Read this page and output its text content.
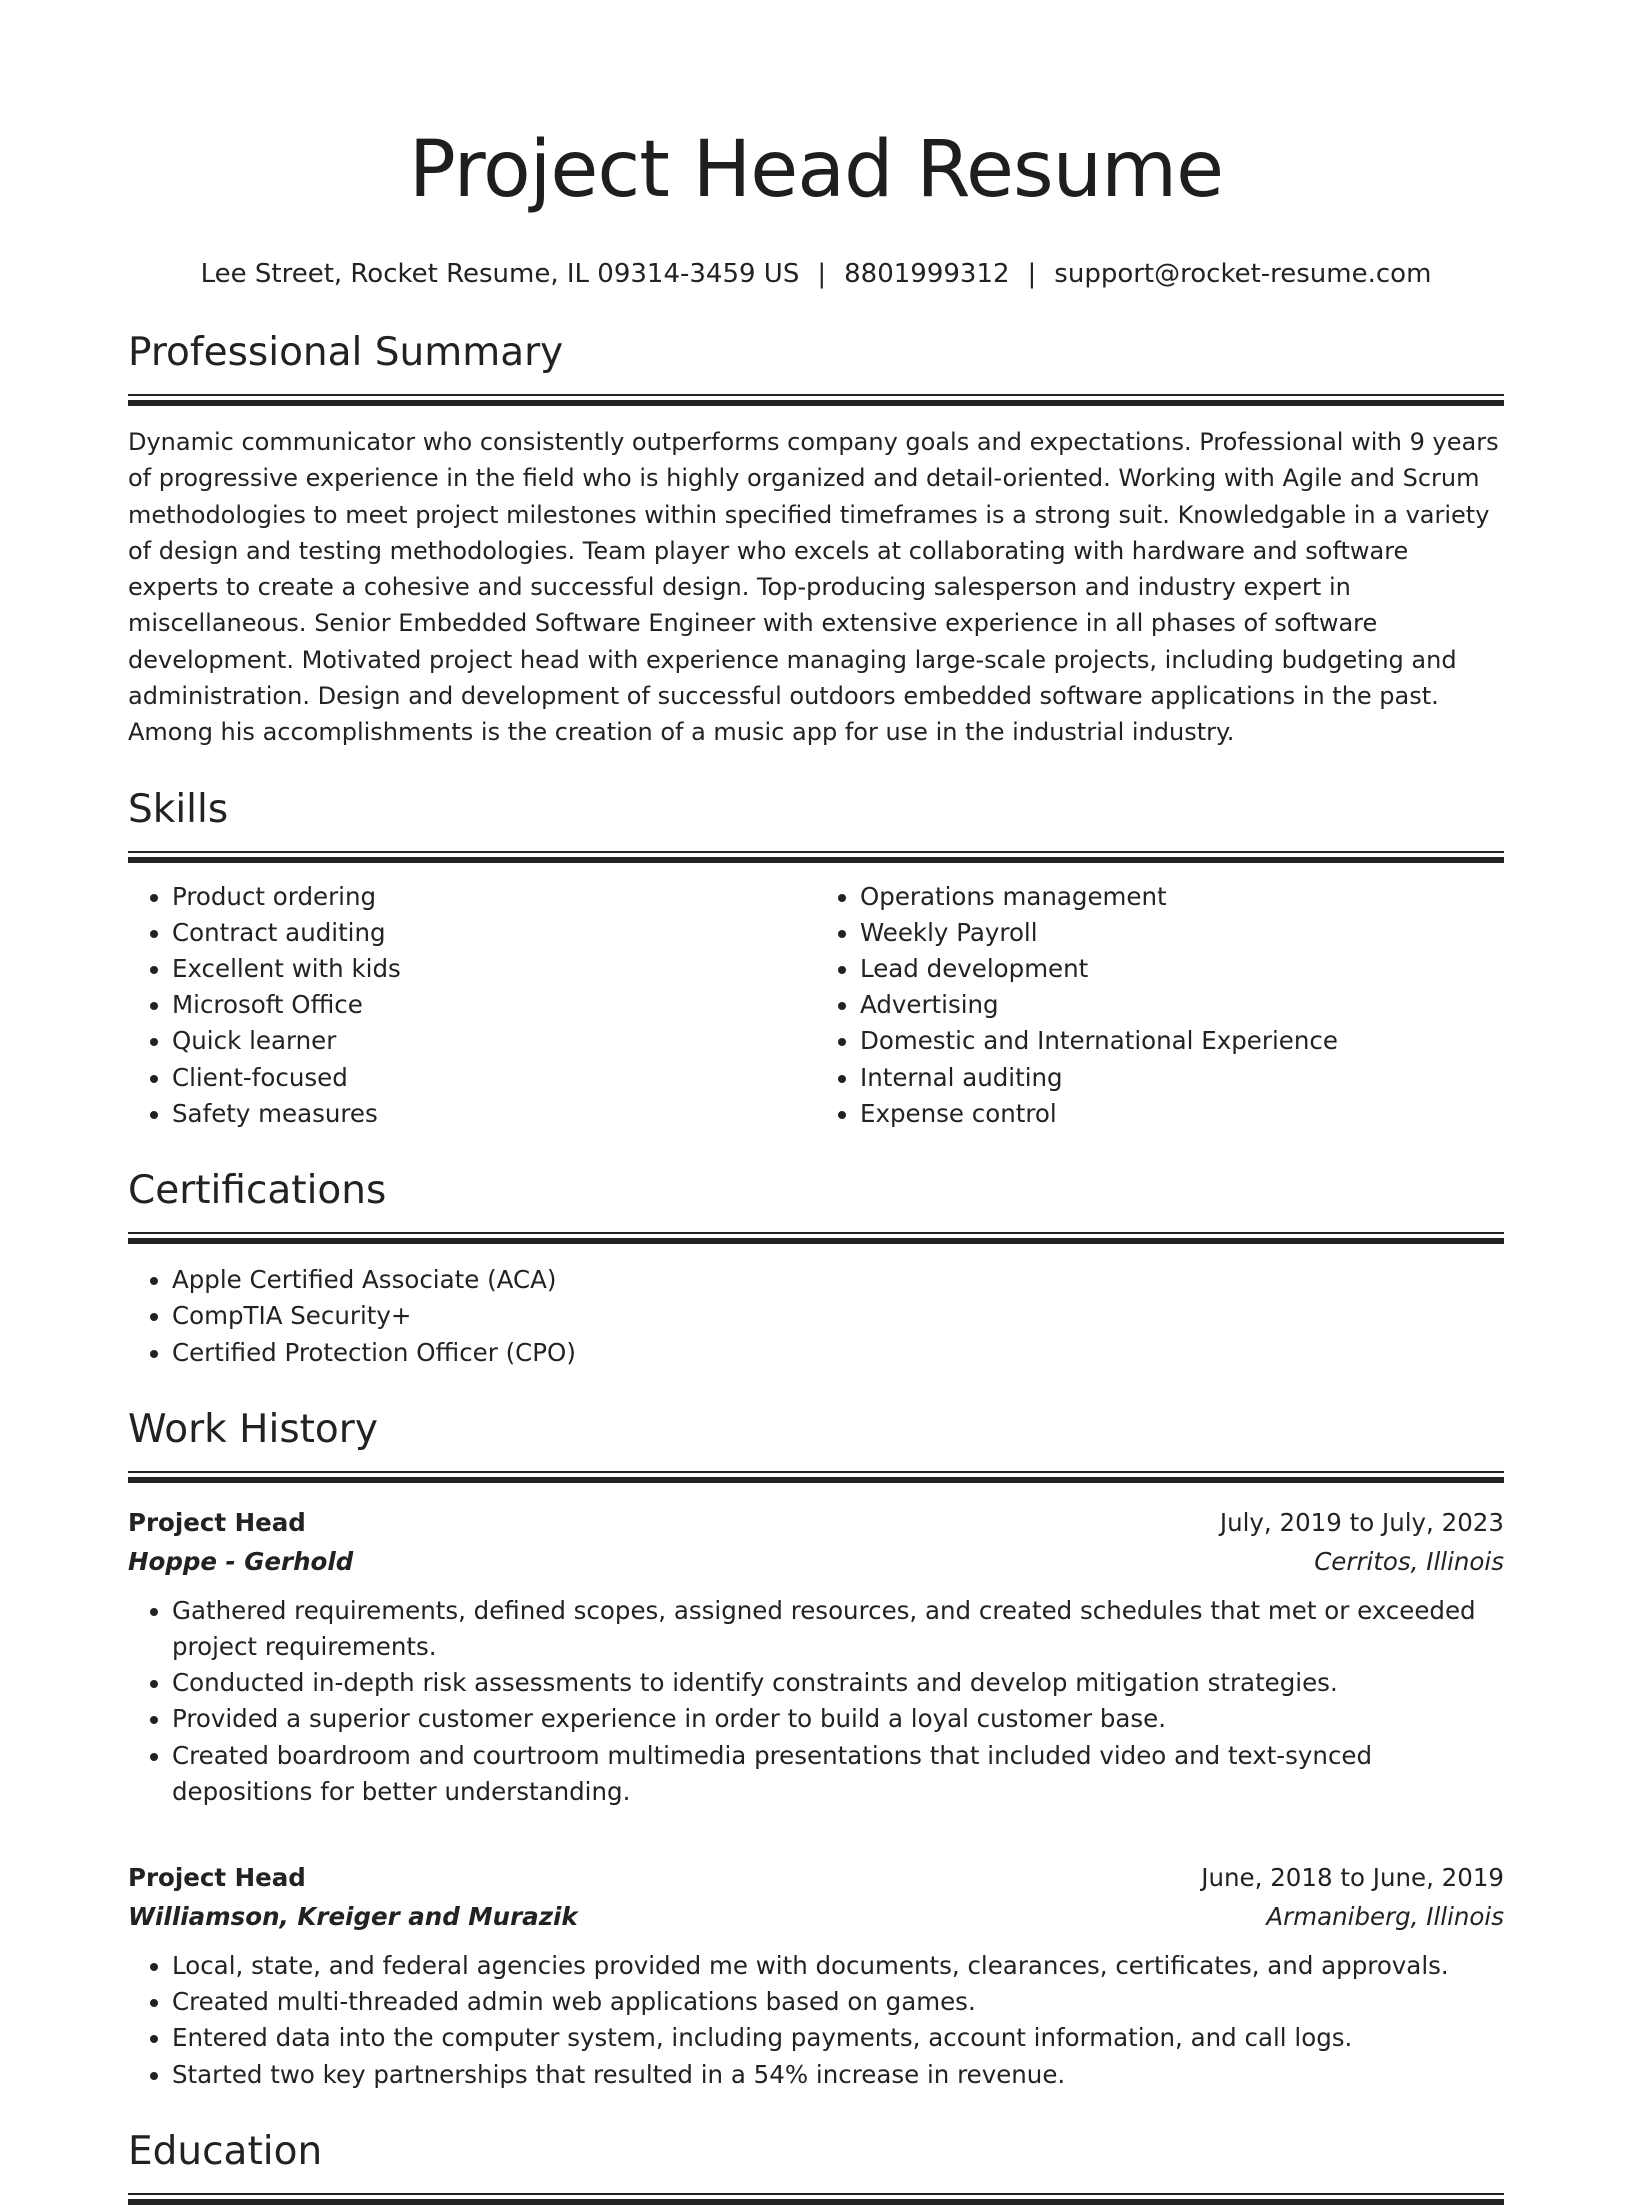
Project Head Resume
Lee Street, Rocket Resume, IL 09314-3459 US | 8801999312 | support@rocket-resume.com
Professional Summary

Dynamic communicator who consistently outperforms company goals and expectations. Professional with 9 years of progressive experience in the field who is highly organized and detail-oriented. Working with Agile and Scrum methodologies to meet project milestones within specified timeframes is a strong suit. Knowledgable in a variety of design and testing methodologies. Team player who excels at collaborating with hardware and software experts to create a cohesive and successful design. Top-producing salesperson and industry expert in miscellaneous. Senior Embedded Software Engineer with extensive experience in all phases of software development. Motivated project head with experience managing large-scale projects, including budgeting and administration. Design and development of successful outdoors embedded software applications in the past. Among his accomplishments is the creation of a music app for use in the industrial industry.

Skills
• Product ordering
• Contract auditing
• Excellent with kids
• Microsoft Office
• Quick learner
• Client-focused
• Safety measures
• Operations management
• Weekly Payroll
• Lead development
• Advertising
• Domestic and International Experience
• Internal auditing
• Expense control
Certifications
• Apple Certified Associate (ACA)
• CompTIA Security+
• Certified Protection Officer (CPO)
Work History
Project Head	July, 2019 to July, 2023
Hoppe - Gerhold	Cerritos, Illinois
• Gathered requirements, defined scopes, assigned resources, and created schedules that met or exceeded project requirements.
• Conducted in-depth risk assessments to identify constraints and develop mitigation strategies.
• Provided a superior customer experience in order to build a loyal customer base.
• Created boardroom and courtroom multimedia presentations that included video and text-synced depositions for better understanding.
Project Head	June, 2018 to June, 2019
Williamson, Kreiger and Murazik	Armaniberg, Illinois
• Local, state, and federal agencies provided me with documents, clearances, certificates, and approvals.
• Created multi-threaded admin web applications based on games.
• Entered data into the computer system, including payments, account information, and call logs.
• Started two key partnerships that resulted in a 54% increase in revenue.
Education
